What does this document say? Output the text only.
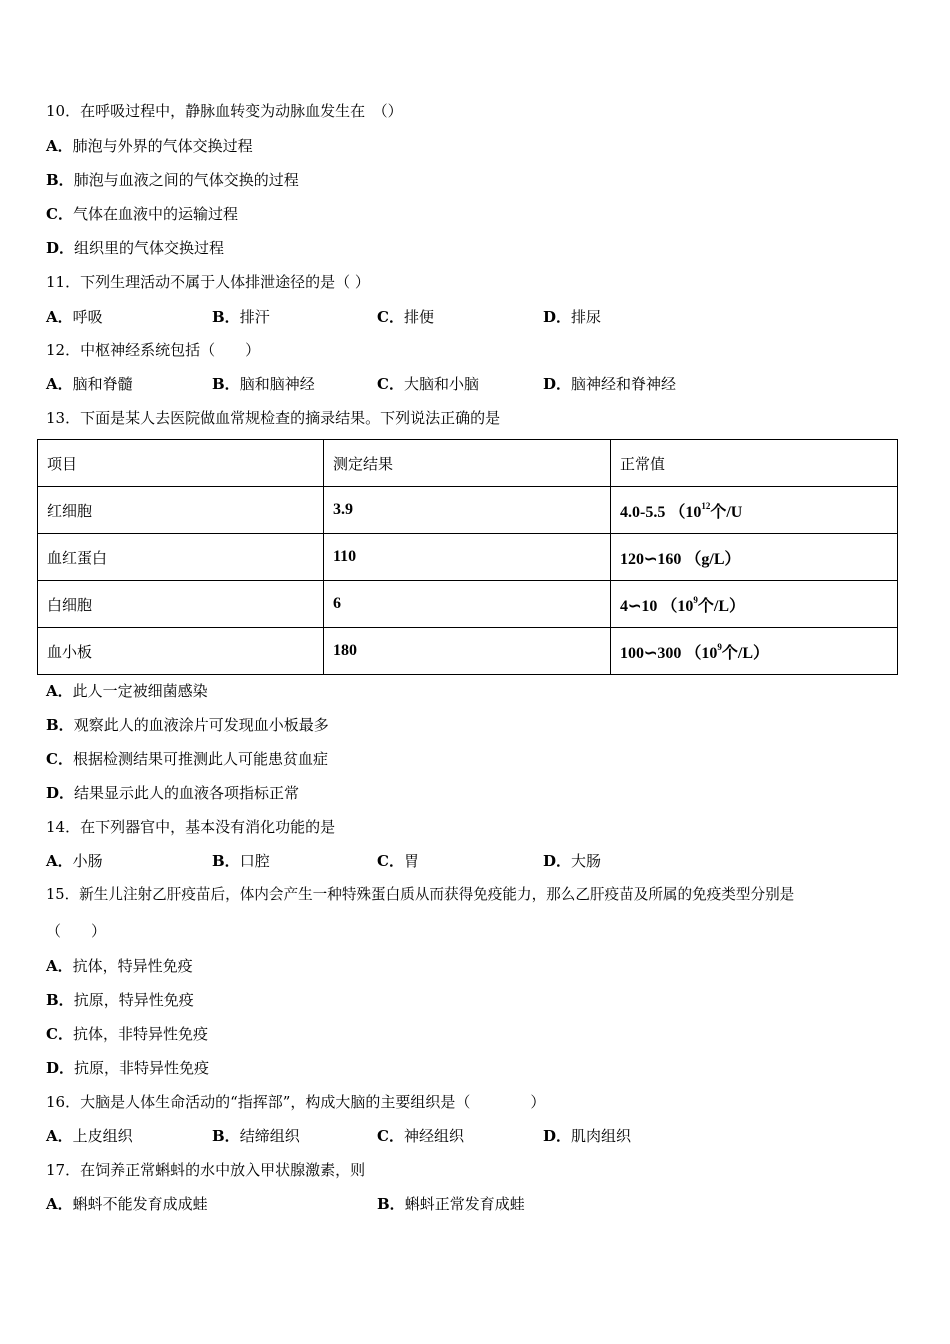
10．在呼吸过程中，静脉血转变为动脉血发生在　（）
A．肺泡与外界的气体交换过程
B．肺泡与血液之间的气体交换的过程
C．气体在血液中的运输过程
D．组织里的气体交换过程
11．下列生理活动不属于人体排泄途径的是（ ）
A．呼吸	B．排汗	C．排便	D．排尿
12．中枢神经系统包括（　　）
A．脑和脊髓	B．脑和脑神经	C．大脑和小脑	D．脑神经和脊神经
13．下面是某人去医院做血常规检查的摘录结果。下列说法正确的是
项目	测定结果	正常值
红细胞	3.9	4.0-5.5 （$10^{12}$个/U
血红蛋白	110	120∽160 （g/L）
白细胞	6	4∽10 （$10^9$个/L）
血小板	180	100∽300 （$10^9$个/L）
A．此人一定被细菌感染
B．观察此人的血液涂片可发现血小板最多
C．根据检测结果可推测此人可能患贫血症
D．结果显示此人的血液各项指标正常
14．在下列器官中，基本没有消化功能的是
A．小肠	B．口腔	C．胃	D．大肠
15．新生儿注射乙肝疫苗后，体内会产生一种特殊蛋白质从而获得免疫能力，那么乙肝疫苗及所属的免疫类型分别是
（　　）
A．抗体，特异性免疫
B．抗原，特异性免疫
C．抗体，非特异性免疫
D．抗原，非特异性免疫
16．大脑是人体生命活动的“指挥部”，构成大脑的主要组织是（　　　　）
A．上皮组织	B．结缔组织	C．神经组织	D．肌肉组织
17．在饲养正常蝌蚪的水中放入甲状腺激素，则
A．蝌蚪不能发育成成蛙	B．蝌蚪正常发育成蛙
